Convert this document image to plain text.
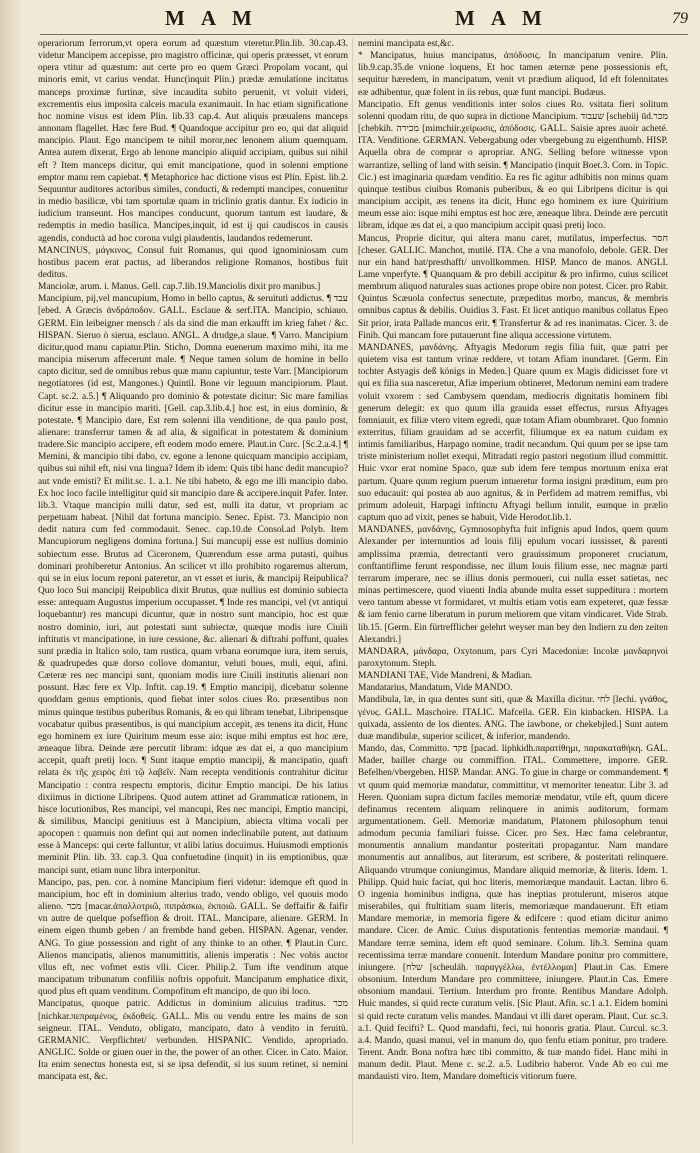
MAM	MAM	79

operariorum ferrorum,vt opera eorum ad quæstum vteretur.Plin.lib. 30.cap.43. videtur Mancipem accepisse, pro magistro officinæ, qui operis præesset, vt eorum opera vtitur ad quæstum: aut certe pro eo quem Græci Propolam vocant, qui minoris emit, vt carius vendat. Hunc(inquit Plin.) prædæ æmulatione incitatus manceps proximæ furtinæ, sive incaudita subito peruenit, vt voluit videri, excrementis eius imposita calceis macula exanimauit. In hac etiam significatione hoc nomine visus est idem Plin. lib.33 cap.4. Aut aliquis præualens manceps annonam flagellet. Hæc fere Bud. ¶ Quandoque accipitur pro eo, qui dat aliquid mancipio. Plaut. Ego mancipem te nihil moror,nec lenonem alium quemquam. Antea autem dixerat, Ergo ab lenone mancipio aliquid accipiam, quibus sui nihil eft ? Item manceps dicitur, qui emit mancipatione, quod in solenni emptione emptor manu rem capiebat. ¶ Metaphorice hac dictione visus est Plin. Epist. lib.2. Sequuntur auditores actoribus similes, conducti, & redempti mancipes, conuenitur in medio basilicæ, vbi tam sportulæ quam in triclinio gratis dantur. Ex iudicio in iudicium transeunt. Hos mancipes conducunt, quorum tantum est laudare, & redemptis in medio basilica. Mancipes,inquit, id est ij qui caudiscos in causis agendis, conductà ad hoc corona vulgi plaudentis, laudandos redemerunt.

MANCINUS, μάγκινος, Consul fuit Romanus, qui quod ignominiosam cum hostibus pacem erat pactus, ad liberandos religione Romanos, hostibus fuit deditus.

Manciolæ, arum. i. Manus. Gell. cap.7.lib.19.Manciolis dixit pro manibus.]

Mancipium, pij,vel mancupium, Homo in bello captus, & seruituti addictus. ¶ עבד [ebed. A Græcis ἀνδράποδον. GALL. Esclaue & serf.ITA. Mancipio, schiauo. GERM. Ein leibeigner mensch / als da sind die man erkaufft im krieg fahet / &c. HISPAN. Sieruo ò sierua, esclauo. ANGL. A drudge,a slaue. ¶ Varro. Mancipium dicitur,quod manu capiatur.Plin. Sticho, Domna euenerum maximo mihi, ita me mancipia miserum affecerunt male. ¶ Neque tamen solum de homine in bello capto dicitur, sed de omnibus rebus quæ manu capiuntur, teste Varr. [Mancipiorum negotiatores (id est, Mangones.) Quintil. Bone vir leguum mancipiorum. Plaut. Capt. sc.2. a.5.] ¶ Aliquando pro dominio & potestate dicitur: Sic mare familias dicitur esse in mancipio mariti. [Gell. cap.3.lib.4.] hoc est, in eius dominio, & potestate. ¶ Mancipio dare, Est rem solenni illa venditione, de qua paulo post, alienare: transferrur tamen & ad alia, & significat in potestatem & dominium tradere.Sic mancipio accipere, eft eodem modo emere. Plaut.in Curc. [Sc.2.a.4.] ¶ Memini, & mancipio tibi dabo, cv. egone a lenone quicquam mancipio accipiam, quibus sui nihil eft, nisi vna lingua? Idem ib idem: Quis tibi hanc dedit mancupio? aut vnde emisti? Et milit.sc. 1. a.1. Ne tibi habeto, & ego me illi mancipio dabo. Ex hoc loco facile intelligitur quid sit mancipio dare & accipere.inquit Pafer. Inter. lib.3. Vtaque mancipio nulli datur, sed est, nulli ita datur, vt propriam ac perpetuam habeat. [Nihil dat fortuna mancipio. Senec. Epist. 73. Mancipio non dedit natura cum fed commodauit. Senec. cap.10.de Consol.ad Polyb. Item Mancupiorum negligens domina fortuna.] Sui mancupij esse est nullius dominio subiectum esse. Brutus ad Ciceronem, Quærendum esse arma putasti, quibus dominari prohiberetur Antonius. An scilicet vt illo prohibito rogaremus alterum, qui se in eius locum reponi pateretur, an vt esset et iuris, & mancipij Reipublica? Quo loco Sui mancipij Reipublica dixit Brutus, quæ nullius est dominio subiecta esse: antequam Augustus imperium occupasset. ¶ Inde res mancipi, vel (vt antiqui loquebantur) res mancupi dicuntur, quæ in nostro sunt mancipio, hoc est quæ nostro dominio, iuri, aut potestati sunt subiectæ, quæque modis iure Ciuili inftitutis vt mancipatione, in iure cessione, &c. alienari & diftrahi poffunt, quales sunt prædia in Italico solo, tam rustica, quam vrbana eorumque iura, item seruis, & quadrupedes quæ dorso collove domantur, veluti boues, muli, equi, afini. Cæteræ res nec mancipi sunt, quoniam modis iure Ciuili institutis alienari non possunt. Hæc fere ex Vlp. Inftit. cap.19. ¶ Emptio mancipij, dicebatur solenne quoddam genus emptionis, quod fiebat inter solos ciues Ro. præsentibus non minus quinque testibus puberibus Romanis, & eo qui libram tenebat, Libripensque vocabatur quibus præsentibus, is qui mancipium accepit, æs tenens ita dicit, Hunc ego hominem ex iure Quiritum meum esse aio: isque mihi emptus est hoc ære, æneaque libra. Deinde ære percutit libram: idque æs dat ei, a quo mancipium accepit, quaft pretij loco. ¶ Sunt itaque emptio mancipij, & mancipatio, quaft relata ἐκ τῆς χειρὸς ἐπὶ τῷ λαβεῖν. Nam recepta venditionis contrahitur dicitur Mancipatio : contra respectu emptoris, dicitur Emptio mancipi. De his latius dixiimus in dictione Libripens. Quod autem attinet ad Grammaticæ rationem, in hisce locutionibus, Res mancipi, vel mancupi, Res nec mancipi, Emptio mancipi, & similibus, Mancipi genitiuus est à Mancipium, abiecta vltima vocali per apocopen : quamuis non defint qui aut nomen indeclinabile putent, aut datiuum esse à Manceps: qui certe falluntur, vt alibi latius docuimus. Huiusmodi emptionis meminit Plin. lib. 33. cap.3. Qua confuetudine (inquit) in iis emptionibus, quæ mancipi sunt, etiam nunc libra interponitur.

Mancipo, pas, pen. cor. à nomine Mancipium fieri videtur: idemque eft quod in mancipium, hoc eft in dominium alterius trado, vendo obligo, vel quouis modo alieno. מכר [macar.ἀπαλλοτριῶ, πιπράσκω, ἐκποιῶ. GALL. Se deffaifir & faifir vn autre de quelque pofseffion & droit. ITAL. Mancipare, alienare. GERM. In einem eigen thumb geben / an frembde hand geben. HISPAN. Agenar, vender. ANG. To giue possession and right of any thinke to an other. ¶ Plaut.in Curc. Alienos mancipatis, alienos manumittitis, alienis imperatis : Nec vobis auctor vllus eft, nec vofmet estis vlli. Cicer. Philip.2. Tum ifte venditum atque mancipatum tribunatum confiliis noftris oppofuit. Mancipatum emphatice dixit, quod plus eft quam venditum. Compofitum eft mancipo, de quo ibi loco.

Mancipatus, quoque patric. Addictus in dominium alicuius traditus. מכר [nichkar.πεπραμένος, ἐκδοθείς. GALL. Mis ou vendu entre les mains de son seigneur. ITAL. Venduto, obligato, mancipato, dato à vendito in feruitù. GERMANIC. Verpflichtet/ verbunden. HISPANIC. Vendido, apropriado. ANGLIC. Solde or giuen ouer in the, the power of an other. Cicer. in Cato. Maior. Ita enim senectus honesta est, si se ipsa defendit, si ius suum retinet, si nemini mancipata est, &c.

nemini mancipata est,&c.

* Mancipatus, huius mancipatus, ἀπόδοσις. In mancipatum venire. Plin. lib.9.cap.35.de vnione loquens, Et hoc tamen æternæ pene possessionis eft, sequitur hæredem, in mancipatum, venit vt prædium aliquod, Id eft folennitates eæ adhibentur, quæ folent in iis rebus, quæ funt mancipi. Budæus.

Mancipatio. Eft genus venditionis inter solos ciues Ro. vsitata fieri solitum solenni quodam ritu, de quo supra in dictione Mancipium. שעבוד [schebiij ūd.מכר [chebkih. מכירה [mimchiir.χείρωσις, ἀπόδοσις. GALL. Saisie apres auoir acheté. ITA. Venditione. GERMAN. Vebergabung oder vbergebung zu eigenthumb. HISP. Aquella obra de comprar o apropriar. ANG. Selling before witnesse vpon warrantize, selling of land with seisin. ¶ Mancipatio (inquit Boet.3. Com. in Topic. Cic.) est imaginaria quædam venditio. Ea res fic agitur adhibitis non minus quam quinque testibus ciuibus Romanis puberibus, & eo qui Libripens dicitur is qui mancipium accipit, æs tenens ita dicit, Hunc ego hominem ex iure Quiritium meum esse aio: isque mihi emptus est hoc ære, æneaque libra. Deinde ære percutit libram, idque æs dat ei, a quo mancipium accipit quasi pretij loco.

Mancus, Proprie dicitur, qui altera manu caret, mutilatus, imperfectus. חסר [cheser. GALLIC. Manchot, mutilé. ITA. Che a vna manofolo, debole. GER. Der nur ein hand hat/presthafft/ unvollkommen. HISP. Manco de manos. ANGLI. Lame vnperfyte. ¶ Quanquam & pro debili accipitur & pro infirmo, cuius scilicet membrum aliquod naturales suas actiones prope obire non potest. Cicer. pro Rabir. Quintus Scæuola confectus senectute, præpeditus morbo, mancus, & membris omnibus captus & debilis. Ouidius 3. Fast. Et licet antiquo manibus collatus Epeo Sit prior, irata Pallade mancus erit. ¶ Transfertur & ad res inanimatas. Cicer. 3. de Finib. Qui mancam fore putauerunt fine aliqua accessione virtutem.

MANDANES, μανδάνης. Aftyagis Medorum regis filia fuit, quæ patri per quietem visa est tantum vrinæ reddere, vt totam Afiam inundaret. [Germ. Ein tochter Astyagis deß königs in Meden.] Quare quum ex Magis didicisset fore vt qui ex filia sua nasceretur, Afiæ imperium obtineret, Medorum nemini eam tradere voluit vxorem : sed Cambysem quendam, mediocris dignitatis hominem fibi generum delegit: ex quo quum illa grauida esset effectus, rursus Aftyages fomniauit, ex filiæ vtero vitem egredi, quæ totam Afiam obumbraret. Quo fomnio exterritus, filiam grauidam ad se accerfit, filiumque ex ea natum cuidam ex intimis familiaribus, Harpago nomine, tradit necandum. Qui quum per se ipse tam triste ministerium nollet exequi, Mitradati regio pastori negotium illud committit. Huic vxor erat nomine Spaco, quæ sub idem fere tempus mortuum enixa erat partum. Quare quum regium puerum intueretur forma insigni præditum, eum pro suo educauit: qui postea ab auo agnitus, & in Perfidem ad matrem remiffus, vbi primum adoleuit, Harpagi inftinctu Aftyagi bellum intulit, eumque in prælio captum quo ad vixit, penes se habuit, Vide Herodot.lib.1.

MANDANES, μανδάνης, Gymnosophyfta fuit infignis apud Indos, quem quum Alexander per internuntios ad louis filij epulum vocari iussisset, & parenti amplissima præmia, detrectanti vero grauissimum proponeret cruciatum, conftantiflime ferunt respondisse, nec illum Iouis filium esse, nec magnæ parti terrarum imperare, nec se illius donis permoueri, cui nulla esset satietas, nec minas pertimescere, quod viuenti India abunde multa esset suppeditura : mortem vero tantum abesse vt formidaret, vt multis etiam votis eam expeteret, quæ fessæ & iam fenio carne liberatum in purum meliorem que vitam vindicaret. Vide Strab. lib.15. [Germ. Ein fürtrefflicher gelehrt weyser man bey den Indiern zu den zeiten Alexandri.]

MANDARA, μάνδαρα, Oxytonum, pars Cyri Macedoniæ: Incolæ μανδαρηνοὶ paroxytonum. Steph.

MANDIANI TAE, Vide Mandreni, & Madian.

Mandatarius, Mandatum, Vide MANDO.

Mandibula, læ, in qua dentes sunt siti, quæ & Maxilla dicitur. לחי [lechi. γνάθος, γένυς. GALL. Maschoire. ITALIC. Mafcella. GER. Ein kinbacken. HISPA. La quixada, assiento de los dientes. ANG. The iawbone, or chekebjled.] Sunt autem duæ mandibulæ, superior scilicet, & inferior, mandendo.

Mando, das, Committo. פקד [pacad. liphkidh.παρατίθημι, παρακαταθήκη. GAL. Mader, bailler charge ou commiffion. ITAL. Commettere, imporre. GER. Befelhen/vbergeben. HISP. Mandar. ANG. To giue in charge or commandement. ¶ vt quum quid memoriæ mandatur, committitur, vt memoriter teneatur. Libr 3. ad Heren. Quoniam supra dictum faciles memoriæ mendatur, vtile eft, quum dicere definamus recentem aliquam relinquere in animis auditorum, formam argumentationem. Gell. Memoriæ mandatum, Platonem philosophum tenui admodum pecunia familiari fuisse. Cicer. pro Sex. Hæc fama celebrantur, monumentis annalium mandantur posteritati propagantur. Nam mandare monumentis aut annalibus, aut literarum, est scribere, & posteritati relinquere. Aliquando vtrumque coniungimus, Mandare aliquid memoriæ, & literis. Idem. 1. Philipp. Quid huic faciat, qui hoc literis, memoriæque mandauit. Lactan. libro 6. O ingenia hominibus indigna, quæ has ineptias protulerunt, miseros atque miserabiles, qui ftultitiam suam literis, memoriæque mandauerunt. Eft etiam Mandare memoriæ, in memoria figere & edifcere : quod etiam dicitur animo mandare. Cicer. de Amic. Cuius disputationis fententias memoriæ mandaui. ¶ Mandare terræ semina, idem eft quod seminare. Colum. lib.3. Semina quam recentissima terræ mandare conuenit. Interdum Mandare ponitur pro committere, iniungere. [שלח [scheuláh. παραγγέλλω, ἐντέλλομαι] Plaut.in Cas. Emere obsonium. Interdum Mandare pro committere, iniungere. Plaut.in Cas. Emere obsonium mandaui. Tertium. Interdum pro fronte. Rentibus Mandare Adolph. Huic mandes, si quid recte curatum velis. [Sic Plaut. Afin. sc.1 a.1. Eidem homini si quid recte curatum velis mandes. Mandaui vt illi daret operam. Plaut. Cur. sc.3. a.1. Quid fecifti? L. Quod mandafti, feci, tui honoris gratia. Plaut. Curcul. sc.3. a.4. Mando, quasi manui, vel in manum do, quo fenfu etiam ponitur, pro tradere. Terent. Andr. Bona noftra hæc tibi committo, & tuæ mando fidei. Hanc mihi in manum dedit. Plaut. Mene c. sc.2. a.5. Ludibrio haberor. Vnde Ab eo cui me mandauisti viro. Item, Mandare domefticis vitiorum fuere.
